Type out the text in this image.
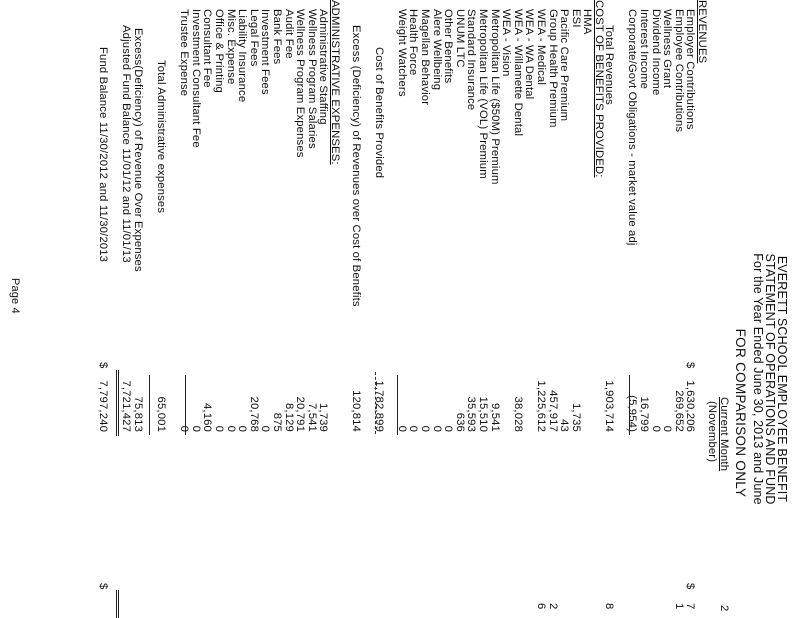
EVERETT SCHOOL EMPLOYEE BENEFIT
STATEMENT OF OPERATIONS AND FUND
For the Year Ended June 30, 2013 and June
FOR COMPARISON ONLY
Current Month
(November)
2
REVENUES
Employer Contributions
$
$
1,630,206
7
Employee Contributions
269,652
1
Wellness Grant
0
Dividend Income
0
Interest Income
16,799
Corporate/Govt Obligations - market value adj
(5,954)
Total Revenues
1,903,714
8
COST OF BENEFITS PROVIDED:
HMA
ESI
1,735
Pacific Care Premium
43
Group Health Premium
457,917
2
WEA - Medical
1,225,612
6
WEA - WA Dental
WEA - Willamette Dental
38,028
WEA - Vision
Metropolitan Life ($50M) Premium
9,541
Metropolitan Life (VOL) Premium
15,510
Standard Insurance
35,593
UNUM LTC
636
Other Benefits
0
Alere Wellbeing
0
Magellan Behavior
0
Health Force
0
Weight Watchers
0
Cost of Benefits Provided
1,782,899
Excess (Deficiency) of Revenues over Cost of Benefits
120,814
ADMINISTRATIVE EXPENSES:
Administrative Staffing
1,739
Wellness Program Salaries
7,541
Wellness Program Expenses
20,791
Audit Fee
8,129
Bank Fees
875
Investment Fees
0
Legal Fees
20,768
Liability Insurance
0
Misc. Expense
0
Office & Printing
0
Consultant Fee
4,160
Investment Consultant Fee
0
Trustee Expense
0
Total Administrative expenses
65,001
Excess(Deficiency) of Revenue Over Expenses
75,813
Adjusted Fund Balance 11/01/12 and 11/01/13
7,721,427
Fund Balance 11/30/2012 and 11/30/2013
$
7,797,240
$
Page 4
